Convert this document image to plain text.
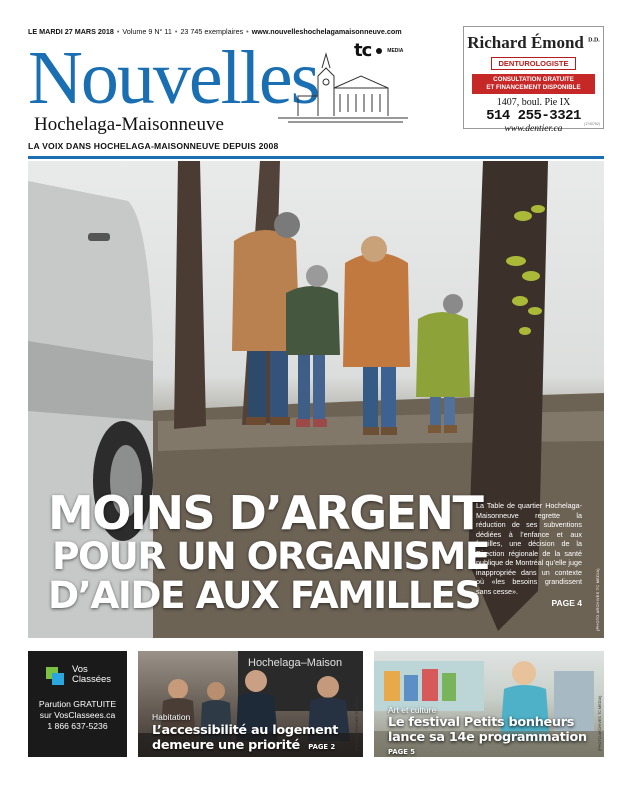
LE MARDI 27 MARS 2018 • Volume 9 N° 11 • 23 745 exemplaires • www.nouvelleshochelagamaisonneuve.com
tc	MEDIA
Nouvelles
Hochelaga-Maisonneuve
LA VOIX DANS HOCHELAGA-MAISONNEUVE DEPUIS 2008
Richard Émond $^{D.D.}$
DENTUROLOGISTE
CONSULTATION GRATUITE
ET FINANCEMENT DISPONIBLE
1407, boul. Pie IX
514 255-3321
www.dentier.ca	(1740752)
MOINS D’ARGENT
POUR UN ORGANISME
D’AIDE AUX FAMILLES
La Table de quartier Hochelaga-Maisonneuve regrette la réduction de ses subventions dédiées à l’enfance et aux familles, une décision de la Direction régionale de la santé publique de Montréal qu’elle juge inappropriée dans un contexte où «les besoins grandissent sans cesse».
PAGE 4	(PHOTO ARCHIVES TC MEDIA)
Vos
Classées
Parution GRATUITE
sur VosClassees.ca
1 866 637-5236
Hochelaga–Maison
Habitation
L’accessibilité au logement
demeure une priorité PAGE 2	(PHOTO ARCHIVES TC MEDIA)	Art et culture
Le festival Petits bonheurs
lance sa 14e programmation
PAGE 5
(PHOTO ARCHIVES TC MEDIA)
